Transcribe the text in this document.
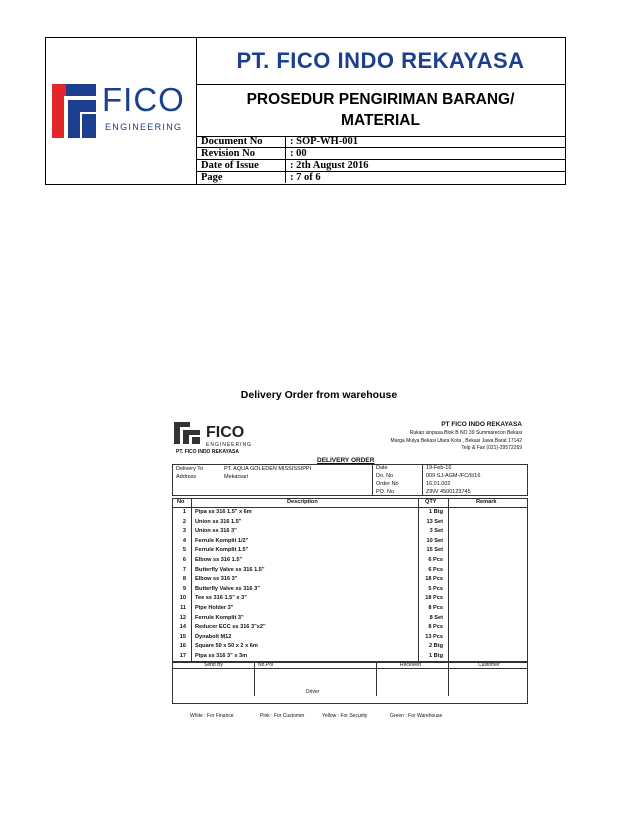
FICO
ENGINEERING
PT. FICO INDO REKAYASA
PROSEDUR PENGIRIMAN BARANG/
MATERIAL
Document No	: SOP-WH-001
Revision No	: 00
Date of Issue	: 2th August 2016
Page	: 7 of 6
Delivery Order from warehouse
FICO
ENGINEERING
PT. FICO INDO REKAYASA
PT FICO INDO REKAYASA
Rukan sinpasa Blok B NO 39 Summarecon Bekasi
Marga Mulya Bekasi Utara Kota , Bekasi Jawa Barat 17142
Telp & Fax (021)-29572269
DELIVERY ORDER
Delivery To	PT. AQUA GOLEDEN MISSISSIPPI
Address	Mekarsari
Date	19-Feb-16
Do. No	009 SJ-AGM-/FC/II/16
Order No	16.01.002
PO. No	ZINV 4500123745
No	Description	QTY	Remark
1 Pipa ss 316 1.5" x 6m	1 Btg
2 Union ss 316 1.5"	13 Set
3 Union ss 316 3"	3 Set
4 Ferrule Komplit 1/2"	10 Set
5 Ferrule Komplit 1.5"	15 Set
6 Elbow ss 316 1.5"	6 Pcs
7 Butterfly Valve ss 316 1.5"	6 Pcs
8 Elbow ss 316 3"	18 Pcs
9 Butterfly Valve ss 316 3"	5 Pcs
10 Tee ss 316 1.5" x 3"	18 Pcs
11 Pipe Holder 3"	8 Pcs
12 Ferrule Komplit 3"	8 Set
14 Reducer ECC ss 316 3"x2"	8 Pcs
15 Dynabolt M12	13 Pcs
16 Square 50 x 50 x 2 x 6m	2 Btg
17 Pipa ss 316 3" x 3m	1 Btg
Send By	No.Pol	Received	Customer
Driver
White : For Finance	Pink : For Customer	Yellow : For Security	Green : For Warehouse
